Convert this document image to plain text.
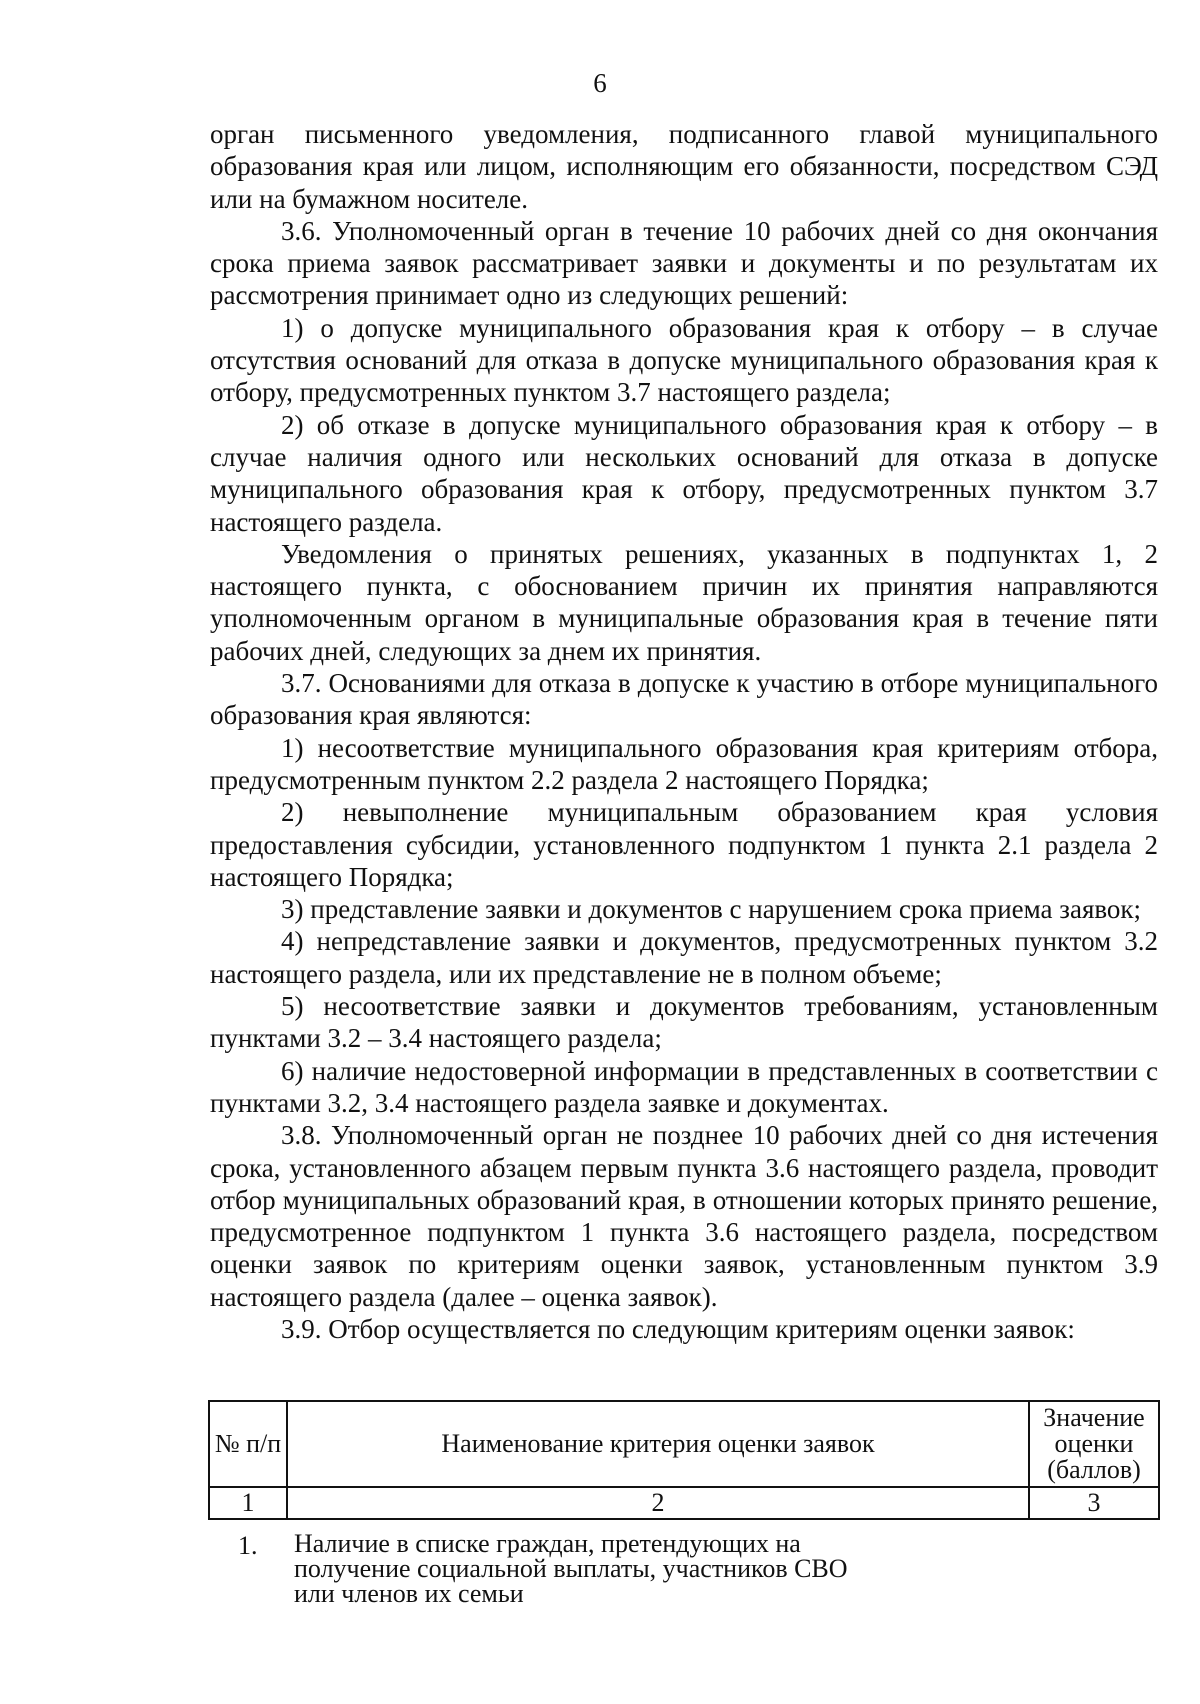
6

орган письменного уведомления, подписанного главой муниципального образования края или лицом, исполняющим его обязанности, посредством СЭД или на бумажном носителе.

3.6. Уполномоченный орган в течение 10 рабочих дней со дня окончания срока приема заявок рассматривает заявки и документы и по результатам их рассмотрения принимает одно из следующих решений:

1) о допуске муниципального образования края к отбору – в случае отсутствия оснований для отказа в допуске муниципального образования края к отбору, предусмотренных пунктом 3.7 настоящего раздела;

2) об отказе в допуске муниципального образования края к отбору – в случае наличия одного или нескольких оснований для отказа в допуске муниципального образования края к отбору, предусмотренных пунктом 3.7 настоящего раздела.

Уведомления о принятых решениях, указанных в подпунктах 1, 2 настоящего пункта, с обоснованием причин их принятия направляются уполномоченным органом в муниципальные образования края в течение пяти рабочих дней, следующих за днем их принятия.

3.7. Основаниями для отказа в допуске к участию в отборе муниципального образования края являются:

1) несоответствие муниципального образования края критериям отбора, предусмотренным пунктом 2.2 раздела 2 настоящего Порядка;

2) невыполнение муниципальным образованием края условия предоставления субсидии, установленного подпунктом 1 пункта 2.1 раздела 2 настоящего Порядка;

3) представление заявки и документов с нарушением срока приема заявок;

4) непредставление заявки и документов, предусмотренных пунктом 3.2 настоящего раздела, или их представление не в полном объеме;

5) несоответствие заявки и документов требованиям, установленным пунктами 3.2 – 3.4 настоящего раздела;

6) наличие недостоверной информации в представленных в соответствии с пунктами 3.2, 3.4 настоящего раздела заявке и документах.

3.8. Уполномоченный орган не позднее 10 рабочих дней со дня истечения срока, установленного абзацем первым пункта 3.6 настоящего раздела, проводит отбор муниципальных образований края, в отношении которых принято решение, предусмотренное подпунктом 1 пункта 3.6 настоящего раздела, посредством оценки заявок по критериям оценки заявок, установленным пунктом 3.9 настоящего раздела (далее – оценка заявок).

3.9. Отбор осуществляется по следующим критериям оценки заявок:

№ п/п	Наименование критерия оценки заявок	Значение оценки (баллов)
1	2	3
1. Наличие в списке граждан, претендующих на получение социальной выплаты, участников СВО или членов их семьи
